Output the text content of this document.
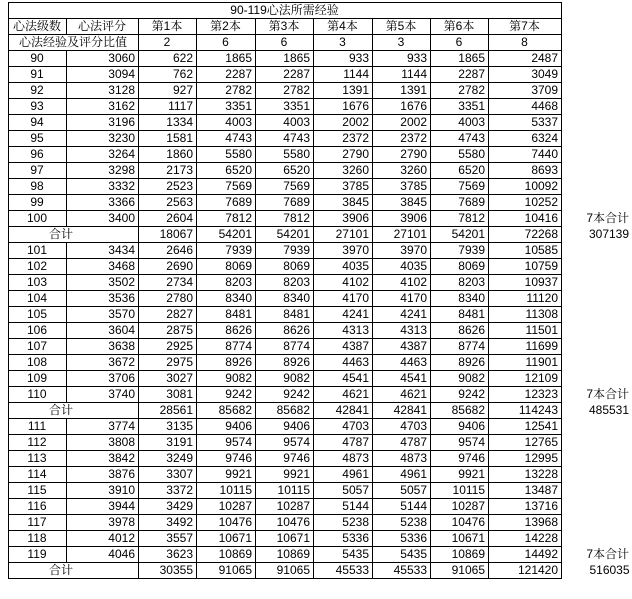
90-119心法所需经验									
心法级数	心法评分	第1本	第2本	第3本	第4本	第5本	第6本	第7本	
心法经验及评分比值		2	6	6	3	3	6	8	
90	3060	622	1865	1865	933	933	1865	2487	
91	3094	762	2287	2287	1144	1144	2287	3049	
92	3128	927	2782	2782	1391	1391	2782	3709	
93	3162	1117	3351	3351	1676	1676	3351	4468	
94	3196	1334	4003	4003	2002	2002	4003	5337	
95	3230	1581	4743	4743	2372	2372	4743	6324	
96	3264	1860	5580	5580	2790	2790	5580	7440	
97	3298	2173	6520	6520	3260	3260	6520	8693	
98	3332	2523	7569	7569	3785	3785	7569	10092	
99	3366	2563	7689	7689	3845	3845	7689	10252	
100	3400	2604	7812	7812	3906	3906	7812	10416	7本合计
合计		18067	54201	54201	27101	27101	54201	72268	307139
101	3434	2646	7939	7939	3970	3970	7939	10585	
102	3468	2690	8069	8069	4035	4035	8069	10759	
103	3502	2734	8203	8203	4102	4102	8203	10937	
104	3536	2780	8340	8340	4170	4170	8340	11120	
105	3570	2827	8481	8481	4241	4241	8481	11308	
106	3604	2875	8626	8626	4313	4313	8626	11501	
107	3638	2925	8774	8774	4387	4387	8774	11699	
108	3672	2975	8926	8926	4463	4463	8926	11901	
109	3706	3027	9082	9082	4541	4541	9082	12109	
110	3740	3081	9242	9242	4621	4621	9242	12323	7本合计
合计		28561	85682	85682	42841	42841	85682	114243	485531
111	3774	3135	9406	9406	4703	4703	9406	12541	
112	3808	3191	9574	9574	4787	4787	9574	12765	
113	3842	3249	9746	9746	4873	4873	9746	12995	
114	3876	3307	9921	9921	4961	4961	9921	13228	
115	3910	3372	10115	10115	5057	5057	10115	13487	
116	3944	3429	10287	10287	5144	5144	10287	13716	
117	3978	3492	10476	10476	5238	5238	10476	13968	
118	4012	3557	10671	10671	5336	5336	10671	14228	
119	4046	3623	10869	10869	5435	5435	10869	14492	7本合计
合计		30355	91065	91065	45533	45533	91065	121420	516035
